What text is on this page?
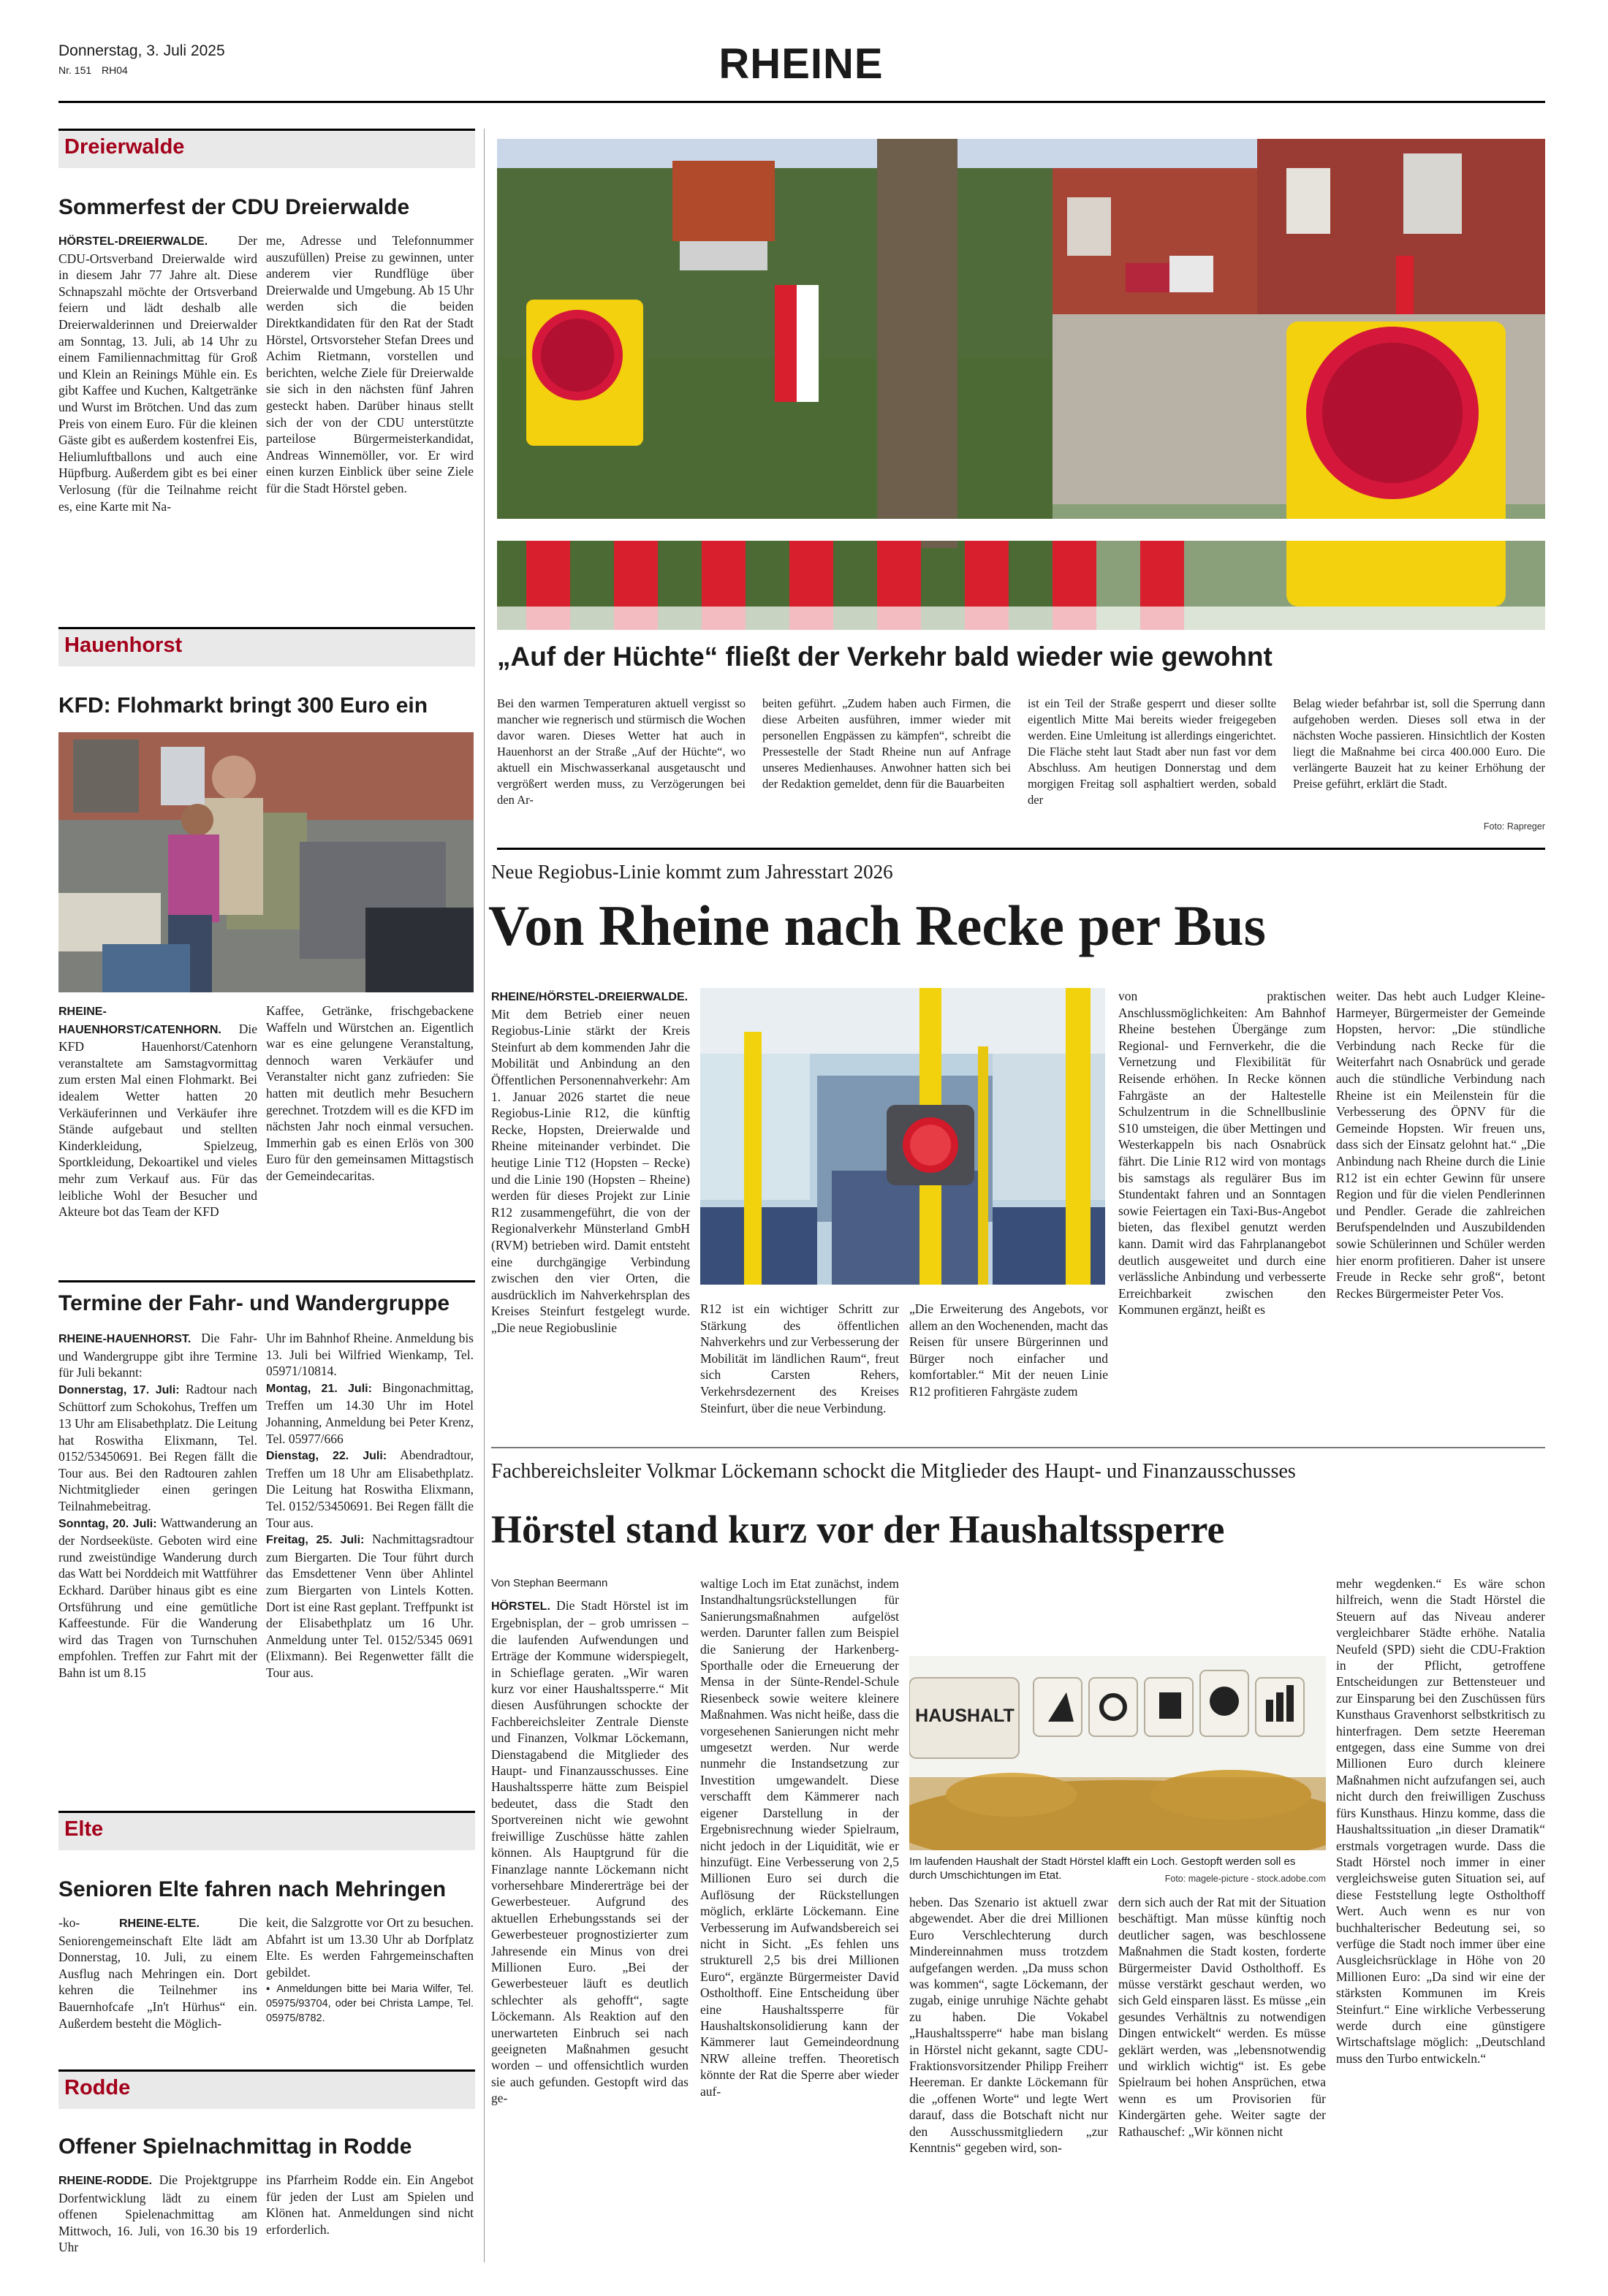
Donnerstag, 3. Juli 2025
Nr. 151 RH04	RHEINE
Dreierwalde
Sommerfest der CDU Dreierwalde
HÖRSTEL-DREIERWALDE. Der CDU-Ortsverband Dreierwalde wird in diesem Jahr 77 Jahre alt. Diese Schnapszahl möchte der Ortsverband feiern und lädt deshalb alle Dreierwalderinnen und Dreierwalder am Sonntag, 13. Juli, ab 14 Uhr zu einem Familiennachmittag für Groß und Klein an Reinings Mühle ein. Es gibt Kaffee und Kuchen, Kaltgetränke und Wurst im Brötchen. Und das zum Preis von einem Euro. Für die kleinen Gäste gibt es außerdem kostenfrei Eis, Heliumluftballons und auch eine Hüpfburg. Außerdem gibt es bei einer Verlosung (für die Teilnahme reicht es, eine Karte mit Na-
me, Adresse und Telefonnummer auszufüllen) Preise zu gewinnen, unter anderem vier Rundflüge über Dreierwalde und Umgebung. Ab 15 Uhr werden sich die beiden Direktkandidaten für den Rat der Stadt Hörstel, Ortsvorsteher Stefan Drees und Achim Rietmann, vorstellen und berichten, welche Ziele für Dreierwalde sie sich in den nächsten fünf Jahren gesteckt haben. Darüber hinaus stellt sich der von der CDU unterstützte parteilose Bürgermeisterkandidat, Andreas Winnemöller, vor. Er wird einen kurzen Einblick über seine Ziele für die Stadt Hörstel geben.
Hauenhorst
KFD: Flohmarkt bringt 300 Euro ein
RHEINE-HAUENHORST/CATENHORN. Die KFD Hauenhorst/Catenhorn veranstaltete am Samstagvormittag zum ersten Mal einen Flohmarkt. Bei idealem Wetter hatten 20 Verkäuferinnen und Verkäufer ihre Stände aufgebaut und stellten Kinderkleidung, Spielzeug, Sportkleidung, Dekoartikel und vieles mehr zum Verkauf aus. Für das leibliche Wohl der Besucher und Akteure bot das Team der KFD
Kaffee, Getränke, frischgebackene Waffeln und Würstchen an. Eigentlich war es eine gelungene Veranstaltung, dennoch waren Verkäufer und Veranstalter nicht ganz zufrieden: Sie hatten mit deutlich mehr Besuchern gerechnet. Trotzdem will es die KFD im nächsten Jahr noch einmal versuchen. Immerhin gab es einen Erlös von 300 Euro für den gemeinsamen Mittagstisch der Gemeindecaritas.
Termine der Fahr- und Wandergruppe
RHEINE-HAUENHORST. Die Fahr- und Wandergruppe gibt ihre Termine für Juli bekannt:
Donnerstag, 17. Juli: Radtour nach Schüttorf zum Schokohus, Treffen um 13 Uhr am Elisabethplatz. Die Leitung hat Roswitha Elixmann, Tel. 0152/53450691. Bei Regen fällt die Tour aus. Bei den Radtouren zahlen Nichtmitglieder einen geringen Teilnahmebeitrag.
Sonntag, 20. Juli: Wattwanderung an der Nordseeküste. Geboten wird eine rund zweistündige Wanderung durch das Watt bei Norddeich mit Wattführer Eckhard. Darüber hinaus gibt es eine Ortsführung und eine gemütliche Kaffeestunde. Für die Wanderung wird das Tragen von Turnschuhen empfohlen. Treffen zur Fahrt mit der Bahn ist um 8.15
Uhr im Bahnhof Rheine. Anmeldung bis 13. Juli bei Wilfried Wienkamp, Tel. 05971/10814.
Montag, 21. Juli: Bingonachmittag, Treffen um 14.30 Uhr im Hotel Johanning, Anmeldung bei Peter Krenz, Tel. 05977/666
Dienstag, 22. Juli: Abendradtour, Treffen um 18 Uhr am Elisabethplatz. Die Leitung hat Roswitha Elixmann, Tel. 0152/53450691. Bei Regen fällt die Tour aus.
Freitag, 25. Juli: Nachmittagsradtour zum Biergarten. Die Tour führt durch das Emsdettener Venn über Ahlintel zum Biergarten von Lintels Kotten. Dort ist eine Rast geplant. Treffpunkt ist der Elisabethplatz um 16 Uhr. Anmeldung unter Tel. 0152/5345 0691 (Elixmann). Bei Regenwetter fällt die Tour aus.
Elte
Senioren Elte fahren nach Mehringen
-ko-	RHEINE-ELTE.	Die Seniorengemeinschaft Elte lädt am Donnerstag, 10. Juli, zu einem Ausflug nach Mehringen ein. Dort kehren die Teilnehmer ins Bauernhofcafe „In't Hürhus“ ein. Außerdem besteht die Möglich-
keit, die Salzgrotte vor Ort zu besuchen. Abfahrt ist um 13.30 Uhr ab Dorfplatz Elte. Es werden Fahrgemeinschaften gebildet.
▪ Anmeldungen bitte bei Maria Wilfer, Tel. 05975/93704, oder bei Christa Lampe, Tel. 05975/8782.
Rodde
Offener Spielnachmittag in Rodde
RHEINE-RODDE. Die Projektgruppe Dorfentwicklung lädt zu einem offenen Spielenachmittag am Mittwoch, 16. Juli, von 16.30 bis 19 Uhr
ins Pfarrheim Rodde ein. Ein Angebot für jeden der Lust am Spielen und Klönen hat. Anmeldungen sind nicht erforderlich.
„Auf der Hüchte“ fließt der Verkehr bald wieder wie gewohnt
Bei den warmen Temperaturen aktuell vergisst so mancher wie regnerisch und stürmisch die Wochen davor waren. Dieses Wetter hat auch in Hauenhorst an der Straße „Auf der Hüchte“, wo aktuell ein Mischwasserkanal ausgetauscht und vergrößert werden muss, zu Verzögerungen bei den Ar-
beiten geführt. „Zudem haben auch Firmen, die diese Arbeiten ausführen, immer wieder mit personellen Engpässen zu kämpfen“, schreibt die Pressestelle der Stadt Rheine nun auf Anfrage unseres Medienhauses. Anwohner hatten sich bei der Redaktion gemeldet, denn für die Bauarbeiten
ist ein Teil der Straße gesperrt und dieser sollte eigentlich Mitte Mai bereits wieder freigegeben werden. Eine Umleitung ist allerdings eingerichtet. Die Fläche steht laut Stadt aber nun fast vor dem Abschluss. Am heutigen Donnerstag und dem morgigen Freitag soll asphaltiert werden, sobald der
Belag wieder befahrbar ist, soll die Sperrung dann aufgehoben werden. Dieses soll etwa in der nächsten Woche passieren. Hinsichtlich der Kosten liegt die Maßnahme bei circa 400.000 Euro. Die verlängerte Bauzeit hat zu keiner Erhöhung der Preise geführt, erklärt die Stadt.
Foto: Rapreger
Neue Regiobus-Linie kommt zum Jahresstart 2026
Von Rheine nach Recke per Bus
RHEINE/HÖRSTEL-DREIERWALDE. Mit dem Betrieb einer neuen Regiobus-Linie stärkt der Kreis Steinfurt ab dem kommenden Jahr die Mobilität und Anbindung an den Öffentlichen Personennahverkehr: Am 1. Januar 2026 startet die neue Regiobus-Linie R12, die künftig Recke, Hopsten, Dreierwalde und Rheine miteinander verbindet. Die heutige Linie T12 (Hopsten – Recke) und die Linie 190 (Hopsten – Rheine) werden für dieses Projekt zur Linie R12 zusammengeführt, die von der Regionalverkehr Münsterland GmbH (RVM) betrieben wird. Damit entsteht eine durchgängige Verbindung zwischen den vier Orten, die ausdrücklich im Nahverkehrsplan des Kreises Steinfurt festgelegt wurde. „Die neue Regiobuslinie
R12 ist ein wichtiger Schritt zur Stärkung des öffentlichen Nahverkehrs und zur Verbesserung der Mobilität im ländlichen Raum“, freut sich Carsten Rehers, Verkehrsdezernent des Kreises Steinfurt, über die neue Verbindung.
„Die Erweiterung des Angebots, vor allem an den Wochenenden, macht das Reisen für unsere Bürgerinnen und Bürger noch einfacher und komfortabler.“ Mit der neuen Linie R12 profitieren Fahrgäste zudem
von praktischen Anschlussmöglichkeiten: Am Bahnhof Rheine bestehen Übergänge zum Regional- und Fernverkehr, die die Vernetzung und Flexibilität für Reisende erhöhen. In Recke können Fahrgäste an der Haltestelle Schulzentrum in die Schnellbuslinie S10 umsteigen, die über Mettingen und Westerkappeln bis nach Osnabrück fährt. Die Linie R12 wird von montags bis samstags als regulärer Bus im Stundentakt fahren und an Sonntagen sowie Feiertagen ein Taxi-Bus-Angebot bieten, das flexibel genutzt werden kann. Damit wird das Fahrplanangebot deutlich ausgeweitet und durch eine verlässliche Anbindung und verbesserte Erreichbarkeit zwischen den Kommunen ergänzt, heißt es
weiter. Das hebt auch Ludger Kleine-Harmeyer, Bürgermeister der Gemeinde Hopsten, hervor: „Die stündliche Verbindung nach Recke für die Weiterfahrt nach Osnabrück und gerade auch die stündliche Verbindung nach Rheine ist ein Meilenstein für die Verbesserung des ÖPNV für die Gemeinde Hopsten. Wir freuen uns, dass sich der Einsatz gelohnt hat.“ „Die Anbindung nach Rheine durch die Linie R12 ist ein echter Gewinn für unsere Region und für die vielen Pendlerinnen und Pendler. Gerade die zahlreichen Berufspendelnden und Auszubildenden sowie Schülerinnen und Schüler werden hier enorm profitieren. Daher ist unsere Freude in Recke sehr groß“, betont Reckes Bürgermeister Peter Vos.
Fachbereichsleiter Volkmar Löckemann schockt die Mitglieder des Haupt- und Finanzausschusses
Hörstel stand kurz vor der Haushaltssperre
Von Stephan Beermann
HÖRSTEL. Die Stadt Hörstel ist im Ergebnisplan, der – grob umrissen – die laufenden Aufwendungen und Erträge der Kommune widerspiegelt, in Schieflage geraten. „Wir waren kurz vor einer Haushaltssperre.“ Mit diesen Ausführungen schockte der Fachbereichsleiter Zentrale Dienste und Finanzen, Volkmar Löckemann, Dienstagabend die Mitglieder des Haupt- und Finanzausschusses. Eine Haushaltssperre hätte zum Beispiel bedeutet, dass die Stadt den Sportvereinen nicht wie gewohnt freiwillige Zuschüsse hätte zahlen können. Als Hauptgrund für die Finanzlage nannte Löckemann nicht vorhersehbare Mindererträge bei der Gewerbesteuer. Aufgrund des aktuellen Erhebungsstands sei der Gewerbesteuer prognostizierter zum Jahresende ein Minus von drei Millionen Euro. „Bei der Gewerbesteuer läuft es deutlich schlechter als gehofft“, sagte Löckemann. Als Reaktion auf den unerwarteten Einbruch sei nach geeigneten Maßnahmen gesucht worden – und offensichtlich wurden sie auch gefunden. Gestopft wird das ge-
waltige Loch im Etat zunächst, indem Instandhaltungsrückstellungen für Sanierungsmaßnahmen aufgelöst werden. Darunter fallen zum Beispiel die Sanierung der Harkenberg-Sporthalle oder die Erneuerung der Mensa in der Sünte-Rendel-Schule Riesenbeck sowie weitere kleinere Maßnahmen. Was nicht heiße, dass die vorgesehenen Sanierungen nicht mehr umgesetzt werden. Nur werde nunmehr die Instandsetzung zur Investition umgewandelt. Diese verschafft dem Kämmerer nach eigener Darstellung in der Ergebnisrechnung wieder Spielraum, nicht jedoch in der Liquidität, wie er hinzufügt. Eine Verbesserung von 2,5 Millionen Euro sei durch die Auflösung der Rückstellungen möglich, erklärte Löckemann. Eine Verbesserung im Aufwandsbereich sei nicht in Sicht. „Es fehlen uns strukturell 2,5 bis drei Millionen Euro“, ergänzte Bürgermeister David Ostholthoff. Eine Entscheidung über eine Haushaltssperre für Haushaltskonsolidierung kann der Kämmerer laut Gemeindeordnung NRW alleine treffen. Theoretisch könnte der Rat die Sperre aber wieder auf-
HAUSHALT
Im laufenden Haushalt der Stadt Hörstel klafft ein Loch. Gestopft werden soll es durch Umschichtungen im Etat.	Foto: magele-picture - stock.adobe.com
heben. Das Szenario ist aktuell zwar abgewendet. Aber die drei Millionen Euro Verschlechterung durch Mindereinnahmen muss trotzdem aufgefangen werden. „Da muss schon was kommen“, sagte Löckemann, der zugab, einige unruhige Nächte gehabt zu haben. Die Vokabel „Haushaltssperre“ habe man bislang in Hörstel nicht gekannt, sagte CDU-Fraktionsvorsitzender Philipp Freiherr Heereman. Er dankte Löckemann für die „offenen Worte“ und legte Wert darauf, dass die Botschaft nicht nur den Ausschussmitgliedern „zur Kenntnis“ gegeben wird, son-
dern sich auch der Rat mit der Situation beschäftigt. Man müsse künftig noch deutlicher sagen, was beschlossene Maßnahmen die Stadt kosten, forderte Bürgermeister David Ostholthoff. Es müsse verstärkt geschaut werden, wo sich Geld einsparen lässt. Es müsse „ein gesundes Verhältnis zu notwendigen Dingen entwickelt“ werden. Es müsse geklärt werden, was „lebensnotwendig und wirklich wichtig“ ist. Es gebe Spielraum bei hohen Ansprüchen, etwa wenn es um Provisorien für Kindergärten gehe. Weiter sagte der Rathauschef: „Wir können nicht
mehr wegdenken.“ Es wäre schon hilfreich, wenn die Stadt Hörstel die Steuern auf das Niveau anderer vergleichbarer Städte erhöhe. Natalia Neufeld (SPD) sieht die CDU-Fraktion in der Pflicht, getroffene Entscheidungen zur Bettensteuer und zur Einsparung bei den Zuschüssen fürs Kunsthaus Gravenhorst selbstkritisch zu hinterfragen. Dem setzte Heereman entgegen, dass eine Summe von drei Millionen Euro durch kleinere Maßnahmen nicht aufzufangen sei, auch nicht durch den freiwilligen Zuschuss fürs Kunsthaus. Hinzu komme, dass die Haushaltssituation „in dieser Dramatik“ erstmals vorgetragen wurde. Dass die Stadt Hörstel noch immer in einer vergleichsweise guten Situation sei, auf diese Feststellung legte Ostholthoff Wert. Auch wenn es nur von buchhalterischer Bedeutung sei, so verfüge die Stadt noch immer über eine Ausgleichsrücklage in Höhe von 20 Millionen Euro: „Da sind wir eine der stärksten Kommunen im Kreis Steinfurt.“ Eine wirkliche Verbesserung werde durch eine günstigere Wirtschaftslage möglich: „Deutschland muss den Turbo entwickeln.“
